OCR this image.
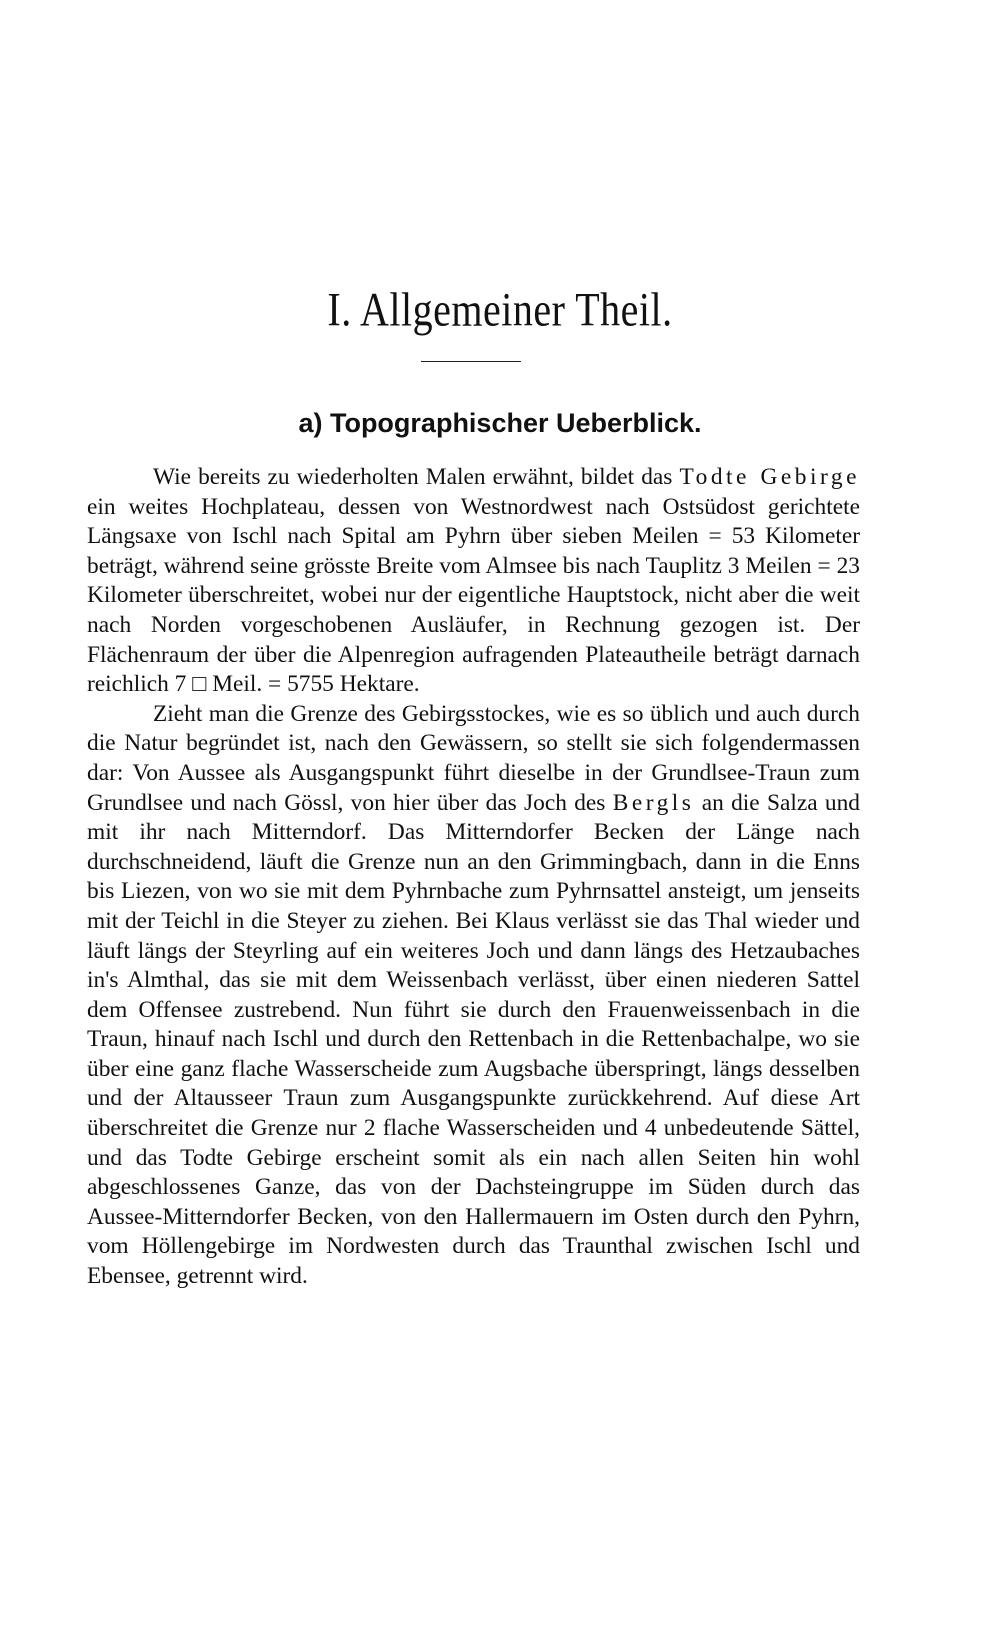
I. Allgemeiner Theil.
a) Topographischer Ueberblick.

Wie bereits zu wiederholten Malen erwähnt, bildet das Todte Gebirge ein weites Hochplateau, dessen von Westnordwest nach Ostsüdost gerichtete Längsaxe von Ischl nach Spital am Pyhrn über sieben Meilen = 53 Kilometer beträgt, während seine grösste Breite vom Almsee bis nach Tauplitz 3 Meilen = 23 Kilometer überschreitet, wobei nur der eigentliche Hauptstock, nicht aber die weit nach Norden vorgeschobenen Ausläufer, in Rechnung gezogen ist. Der Flächenraum der über die Alpenregion aufragenden Plateautheile beträgt darnach reichlich 7 □ Meil. = 5755 Hektare.

Zieht man die Grenze des Gebirgsstockes, wie es so üblich und auch durch die Natur begründet ist, nach den Gewässern, so stellt sie sich folgendermassen dar: Von Aussee als Ausgangspunkt führt dieselbe in der Grundlsee-Traun zum Grundlsee und nach Gössl, von hier über das Joch des Bergls an die Salza und mit ihr nach Mitterndorf. Das Mitterndorfer Becken der Länge nach durchschneidend, läuft die Grenze nun an den Grimmingbach, dann in die Enns bis Liezen, von wo sie mit dem Pyhrnbache zum Pyhrnsattel ansteigt, um jenseits mit der Teichl in die Steyer zu ziehen. Bei Klaus verlässt sie das Thal wieder und läuft längs der Steyrling auf ein weiteres Joch und dann längs des Hetzaubaches in's Almthal, das sie mit dem Weissenbach verlässt, über einen niederen Sattel dem Offensee zustrebend. Nun führt sie durch den Frauenweissenbach in die Traun, hinauf nach Ischl und durch den Rettenbach in die Rettenbachalpe, wo sie über eine ganz flache Wasserscheide zum Augsbache überspringt, längs desselben und der Altausseer Traun zum Ausgangspunkte zurückkehrend. Auf diese Art überschreitet die Grenze nur 2 flache Wasserscheiden und 4 unbedeutende Sättel, und das Todte Gebirge erscheint somit als ein nach allen Seiten hin wohl abgeschlossenes Ganze, das von der Dachsteingruppe im Süden durch das Aussee-Mitterndorfer Becken, von den Hallermauern im Osten durch den Pyhrn, vom Höllengebirge im Nordwesten durch das Traunthal zwischen Ischl und Ebensee, getrennt wird.
